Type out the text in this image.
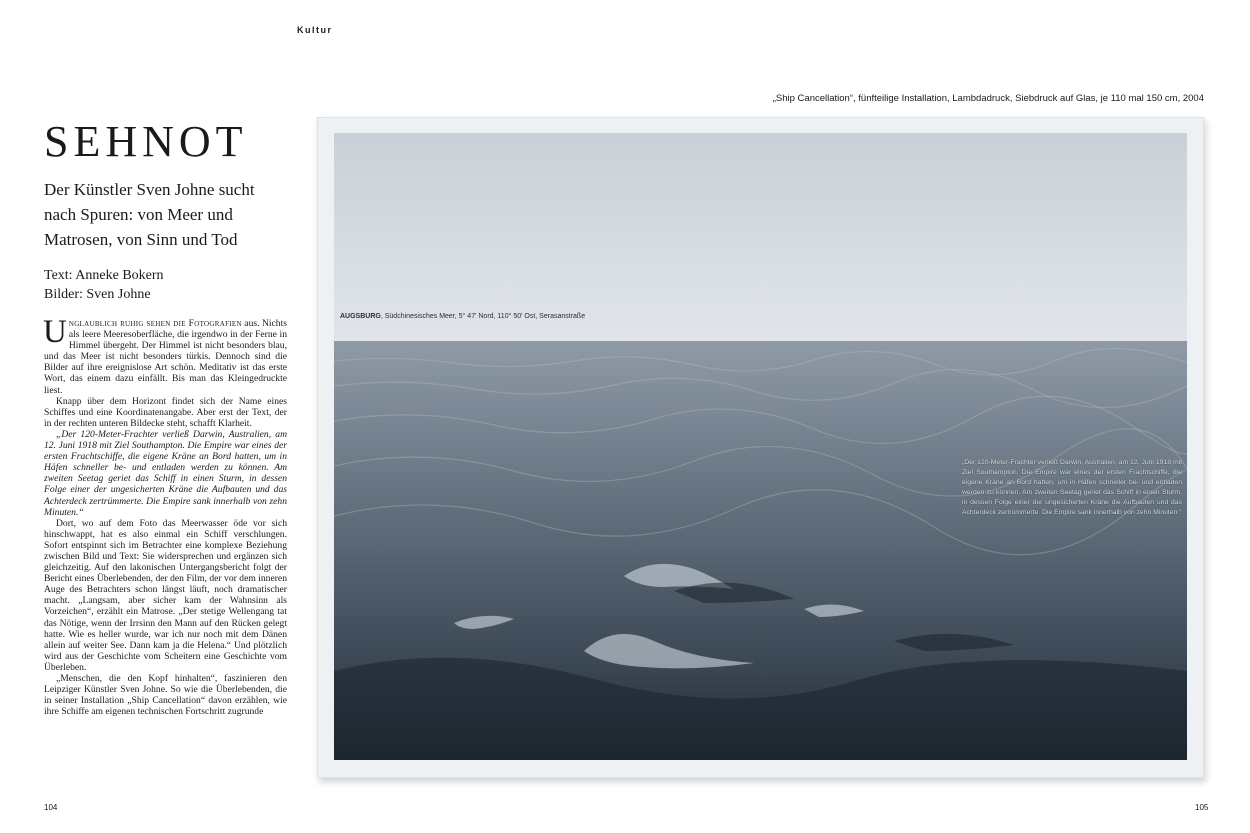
Kultur
SEHNOT
Der Künstler Sven Johne sucht nach Spuren: von Meer und Matrosen, von Sinn und Tod
Text: Anneke Bokern
Bilder: Sven Johne

Unglaublich ruhig sehen die Fotografien aus. Nichts als leere Meeresoberfläche, die irgendwo in der Ferne in Himmel übergeht. Der Himmel ist nicht besonders blau, und das Meer ist nicht besonders türkis. Dennoch sind die Bilder auf ihre ereignislose Art schön. Meditativ ist das erste Wort, das einem dazu einfällt. Bis man das Kleingedruckte liest.

Knapp über dem Horizont findet sich der Name eines Schiffes und eine Koordinatenangabe. Aber erst der Text, der in der rechten unteren Bildecke steht, schafft Klarheit.

„Der 120-Meter-Frachter verließ Darwin, Australien, am 12. Juni 1918 mit Ziel Southampton. Die Empire war eines der ersten Frachtschiffe, die eigene Kräne an Bord hatten, um in Häfen schneller be- und entladen werden zu können. Am zweiten Seetag geriet das Schiff in einen Sturm, in dessen Folge einer der ungesicherten Kräne die Aufbauten und das Achterdeck zertrümmerte. Die Empire sank innerhalb von zehn Minuten.“

Dort, wo auf dem Foto das Meerwasser öde vor sich hinschwappt, hat es also einmal ein Schiff verschlungen. Sofort entspinnt sich im Betrachter eine komplexe Beziehung zwischen Bild und Text: Sie widersprechen und ergänzen sich gleichzeitig. Auf den lakonischen Untergangsbericht folgt der Bericht eines Überlebenden, der den Film, der vor dem inneren Auge des Betrachters schon längst läuft, noch dramatischer macht. „Langsam, aber sicher kam der Wahnsinn als Vorzeichen“, erzählt ein Matrose. „Der stetige Wellengang tat das Nötige, wenn der Irrsinn den Mann auf den Rücken gelegt hatte. Wie es heller wurde, war ich nur noch mit dem Dänen allein auf weiter See. Dann kam ja die Helena.“ Und plötzlich wird aus der Geschichte vom Scheitern eine Geschichte vom Überleben.

„Menschen, die den Kopf hinhalten“, faszinieren den Leipziger Künstler Sven Johne. So wie die Überlebenden, die in seiner Installation „Ship Cancellation“ davon erzählen, wie ihre Schiffe am eigenen technischen Fortschritt zugrunde

„Ship Cancellation“, fünfteilige Installation, Lambdadruck, Siebdruck auf Glas, je 110 mal 150 cm, 2004
AUGSBURG, Südchinesisches Meer, 5° 47' Nord, 110° 50' Ost, Serasanstraße
„Der 120-Meter-Frachter verließ Darwin, Australien, am 12. Juni 1918 mit Ziel Southampton. Die Empire war eines der ersten Frachtschiffe, die eigene Kräne an Bord hatten, um in Häfen schneller be- und entladen werden zu können. Am zweiten Seetag geriet das Schiff in einen Sturm, in dessen Folge einer der ungesicherten Kräne die Aufbauten und das Achterdeck zertrümmerte. Die Empire sank innerhalb von zehn Minuten.“
104	105
